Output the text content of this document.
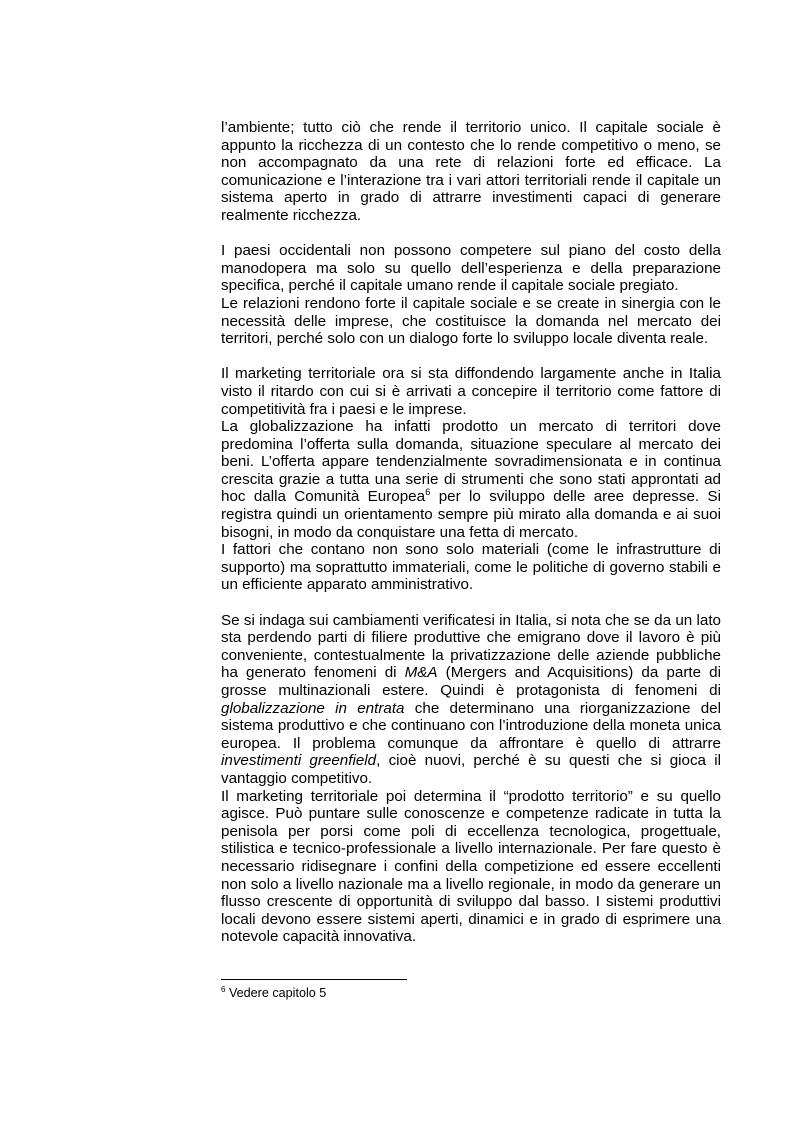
l’ambiente; tutto ciò che rende il territorio unico. Il capitale sociale è appunto la ricchezza di un contesto che lo rende competitivo o meno, se non accompagnato da una rete di relazioni forte ed efficace. La comunicazione e l’interazione tra i vari attori territoriali rende il capitale un sistema aperto in grado di attrarre investimenti capaci di generare realmente ricchezza.

I paesi occidentali non possono competere sul piano del costo della manodopera ma solo su quello dell’esperienza e della preparazione specifica, perché il capitale umano rende il capitale sociale pregiato.

Le relazioni rendono forte il capitale sociale e se create in sinergia con le necessità delle imprese, che costituisce la domanda nel mercato dei territori, perché solo con un dialogo forte lo sviluppo locale diventa reale.

Il marketing territoriale ora si sta diffondendo largamente anche in Italia visto il ritardo con cui si è arrivati a concepire il territorio come fattore di competitività fra i paesi e le imprese.

La globalizzazione ha infatti prodotto un mercato di territori dove predomina l’offerta sulla domanda, situazione speculare al mercato dei beni. L’offerta appare tendenzialmente sovradimensionata e in continua crescita grazie a tutta una serie di strumenti che sono stati approntati ad hoc dalla Comunità Europea$^6$ per lo sviluppo delle aree depresse. Si registra quindi un orientamento sempre più mirato alla domanda e ai suoi bisogni, in modo da conquistare una fetta di mercato.

I fattori che contano non sono solo materiali (come le infrastrutture di supporto) ma soprattutto immateriali, come le politiche di governo stabili e un efficiente apparato amministrativo.

Se si indaga sui cambiamenti verificatesi in Italia, si nota che se da un lato sta perdendo parti di filiere produttive che emigrano dove il lavoro è più conveniente, contestualmente la privatizzazione delle aziende pubbliche ha generato fenomeni di M&A (Mergers and Acquisitions) da parte di grosse multinazionali estere. Quindi è protagonista di fenomeni di globalizzazione in entrata che determinano una riorganizzazione del sistema produttivo e che continuano con l’introduzione della moneta unica europea. Il problema comunque da affrontare è quello di attrarre investimenti greenfield, cioè nuovi, perché è su questi che si gioca il vantaggio competitivo.

Il marketing territoriale poi determina il “prodotto territorio” e su quello agisce. Può puntare sulle conoscenze e competenze radicate in tutta la penisola per porsi come poli di eccellenza tecnologica, progettuale, stilistica e tecnico-professionale a livello internazionale. Per fare questo è necessario ridisegnare i confini della competizione ed essere eccellenti non solo a livello nazionale ma a livello regionale, in modo da generare un flusso crescente di opportunità di sviluppo dal basso. I sistemi produttivi locali devono essere sistemi aperti, dinamici e in grado di esprimere una notevole capacità innovativa.

$^6$ Vedere capitolo 5
